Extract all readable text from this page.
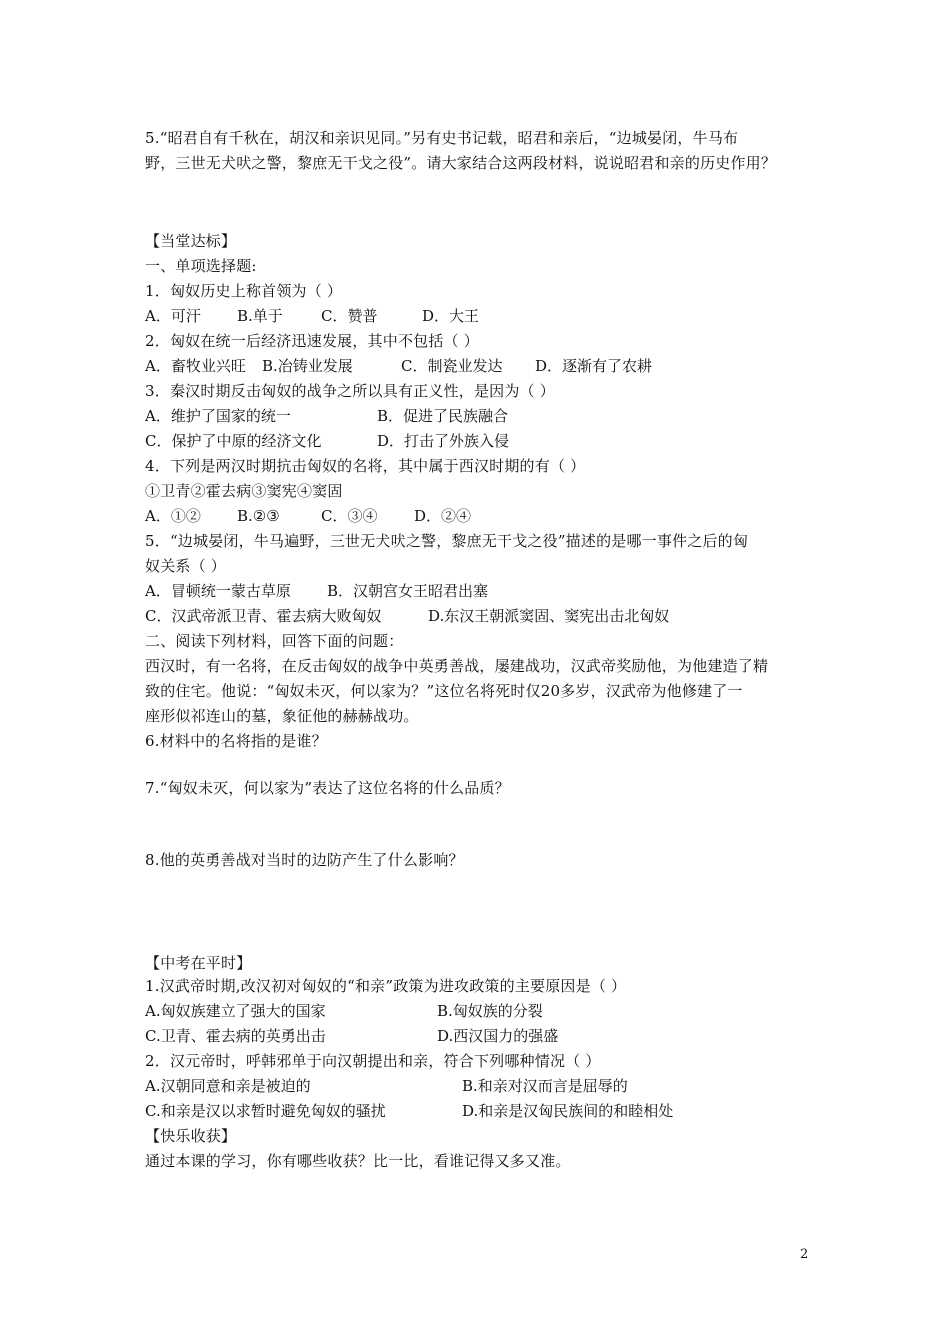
5.“昭君自有千秋在，胡汉和亲识见同。”另有史书记载，昭君和亲后，“边城晏闭，牛马布
野，三世无犬吠之警，黎庶无干戈之役”。请大家结合这两段材料，说说昭君和亲的历史作用？
【当堂达标】
一、单项选择题:
1．匈奴历史上称首领为（ ）
A．可汗 B.单于	C．赞普	D．大王
2．匈奴在统一后经济迅速发展，其中不包括（ ）
A．畜牧业兴旺 B.冶铸业发展	C．制瓷业发达 D．逐渐有了农耕
3．秦汉时期反击匈奴的战争之所以具有正义性，是因为（ ）
A．维护了国家的统一	B．促进了民族融合
C．保护了中原的经济文化	D．打击了外族入侵
4．下列是两汉时期抗击匈奴的名将，其中属于西汉时期的有（ ）
①卫青②霍去病③窦宪④窦固
A．①② B.②③	C．③④ D．②④
5．“边城晏闭，牛马遍野，三世无犬吠之警，黎庶无干戈之役”描述的是哪一事件之后的匈
奴关系（ ）
A．冒顿统一蒙古草原 B．汉朝宫女王昭君出塞
C．汉武帝派卫青、霍去病大败匈奴	D.东汉王朝派窦固、窦宪出击北匈奴
二、阅读下列材料，回答下面的问题：
西汉时，有一名将，在反击匈奴的战争中英勇善战，屡建战功，汉武帝奖励他，为他建造了精
致的住宅。他说：“匈奴未灭，何以家为？”这位名将死时仅20多岁，汉武帝为他修建了一
座形似祁连山的墓，象征他的赫赫战功。
6.材料中的名将指的是谁？
7.“匈奴未灭，何以家为”表达了这位名将的什么品质？
8.他的英勇善战对当时的边防产生了什么影响？
【中考在平时】
1.汉武帝时期,改汉初对匈奴的“和亲”政策为进攻政策的主要原因是（ ）
A.匈奴族建立了强大的国家	B.匈奴族的分裂
C.卫青、霍去病的英勇出击	D.西汉国力的强盛
2．汉元帝时，呼韩邪单于向汉朝提出和亲，符合下列哪种情况（ ）
A.汉朝同意和亲是被迫的	B.和亲对汉而言是屈辱的
C.和亲是汉以求暂时避免匈奴的骚扰	D.和亲是汉匈民族间的和睦相处
【快乐收获】
通过本课的学习，你有哪些收获？比一比，看谁记得又多又准。
2
